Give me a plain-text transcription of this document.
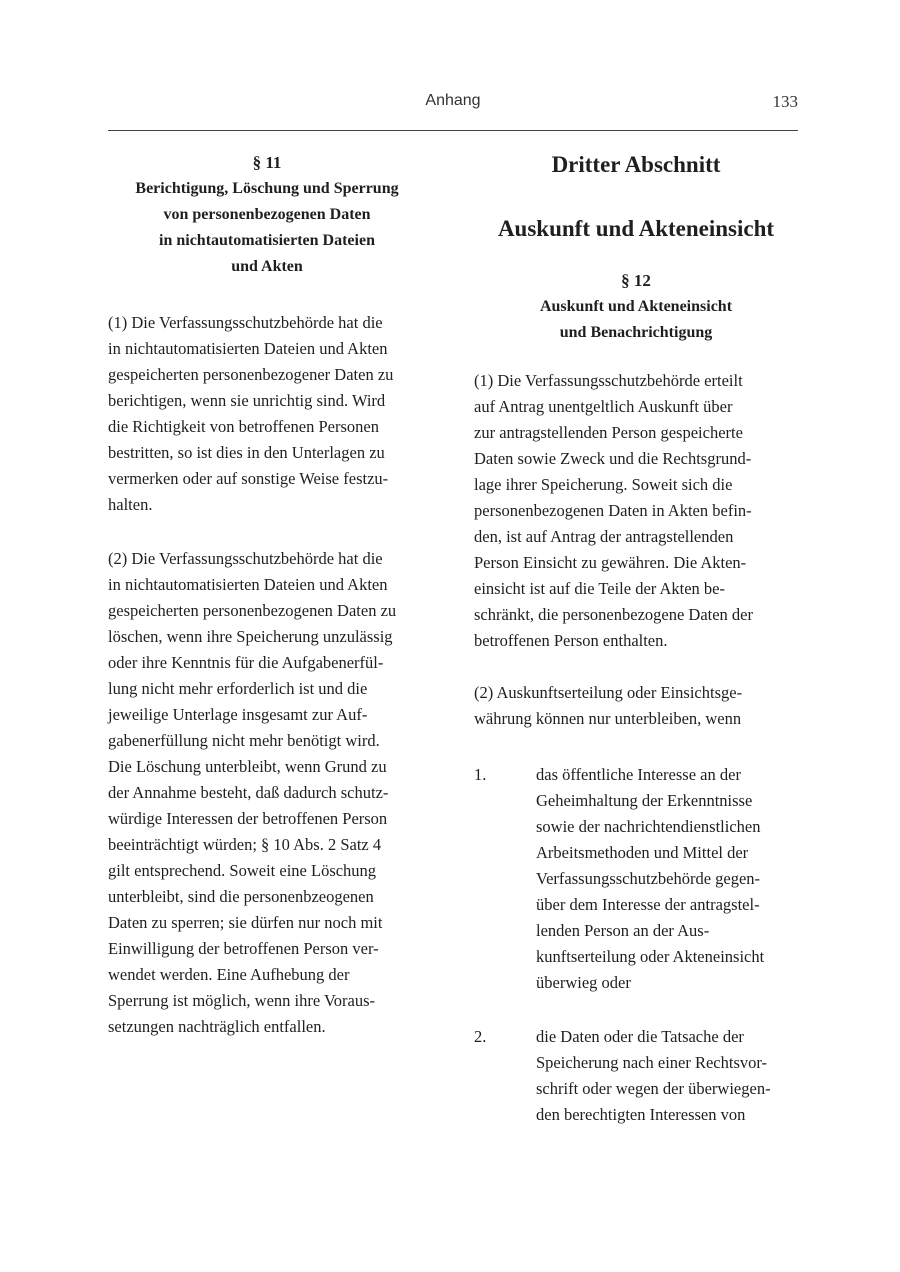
Anhang	133
§ 11
Berichtigung, Löschung und Sperrung
von personenbezogenen Daten
in nichtautomatisierten Dateien
und Akten
(1) Die Verfassungsschutzbehörde hat die
in nichtautomatisierten Dateien und Akten
gespeicherten personenbezogener Daten zu
berichtigen, wenn sie unrichtig sind. Wird
die Richtigkeit von betroffenen Personen
bestritten, so ist dies in den Unterlagen zu
vermerken oder auf sonstige Weise festzu-
halten.
(2) Die Verfassungsschutzbehörde hat die
in nichtautomatisierten Dateien und Akten
gespeicherten personenbezogenen Daten zu
löschen, wenn ihre Speicherung unzulässig
oder ihre Kenntnis für die Aufgabenerfül-
lung nicht mehr erforderlich ist und die
jeweilige Unterlage insgesamt zur Auf-
gabenerfüllung nicht mehr benötigt wird.
Die Löschung unterbleibt, wenn Grund zu
der Annahme besteht, daß dadurch schutz-
würdige Interessen der betroffenen Person
beeinträchtigt würden; § 10 Abs. 2 Satz 4
gilt entsprechend. Soweit eine Löschung
unterbleibt, sind die personenbzeogenen
Daten zu sperren; sie dürfen nur noch mit
Einwilligung der betroffenen Person ver-
wendet werden. Eine Aufhebung der
Sperrung ist möglich, wenn ihre Voraus-
setzungen nachträglich entfallen.
Dritter Abschnitt
Auskunft und Akteneinsicht
§ 12
Auskunft und Akteneinsicht
und Benachrichtigung
(1) Die Verfassungsschutzbehörde erteilt
auf Antrag unentgeltlich Auskunft über
zur antragstellenden Person gespeicherte
Daten sowie Zweck und die Rechtsgrund-
lage ihrer Speicherung. Soweit sich die
personenbezogenen Daten in Akten befin-
den, ist auf Antrag der antragstellenden
Person Einsicht zu gewähren. Die Akten-
einsicht ist auf die Teile der Akten be-
schränkt, die personenbezogene Daten der
betroffenen Person enthalten.
(2) Auskunftserteilung oder Einsichtsge-
währung können nur unterbleiben, wenn
1.	das öffentliche Interesse an der
Geheimhaltung der Erkenntnisse
sowie der nachrichtendienstlichen
Arbeitsmethoden und Mittel der
Verfassungsschutzbehörde gegen-
über dem Interesse der antragstel-
lenden Person an der Aus-
kunftserteilung oder Akteneinsicht
überwieg oder
2.	die Daten oder die Tatsache der
Speicherung nach einer Rechtsvor-
schrift oder wegen der überwiegen-
den berechtigten Interessen von
